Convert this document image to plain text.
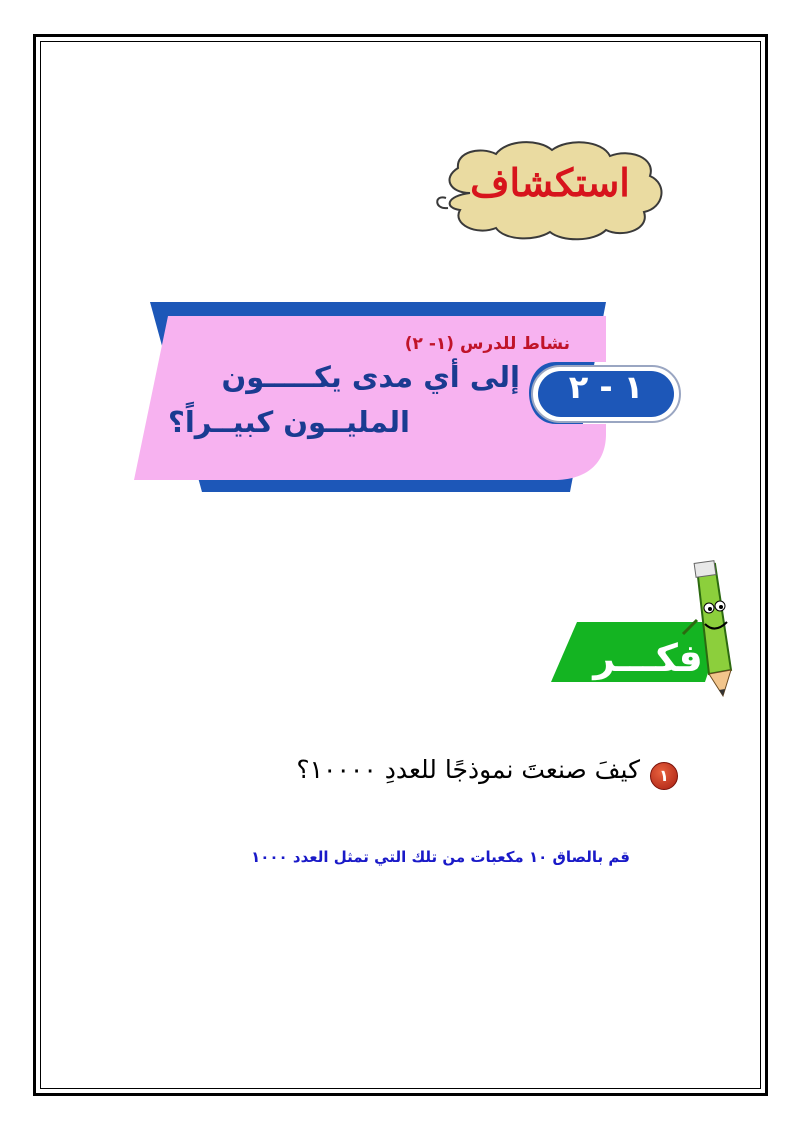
استكشاف
نشاط للدرس (١- ٢)
إلى أي مدى يكـــــون
المليــون كبيــراً؟
١ - ٢
فكـــر
١
كيفَ صنعتَ نموذجًا للعددِ ١٠٠٠٠؟
قم بالصاق ١٠ مكعبات من تلك التي تمثل العدد ١٠٠٠
